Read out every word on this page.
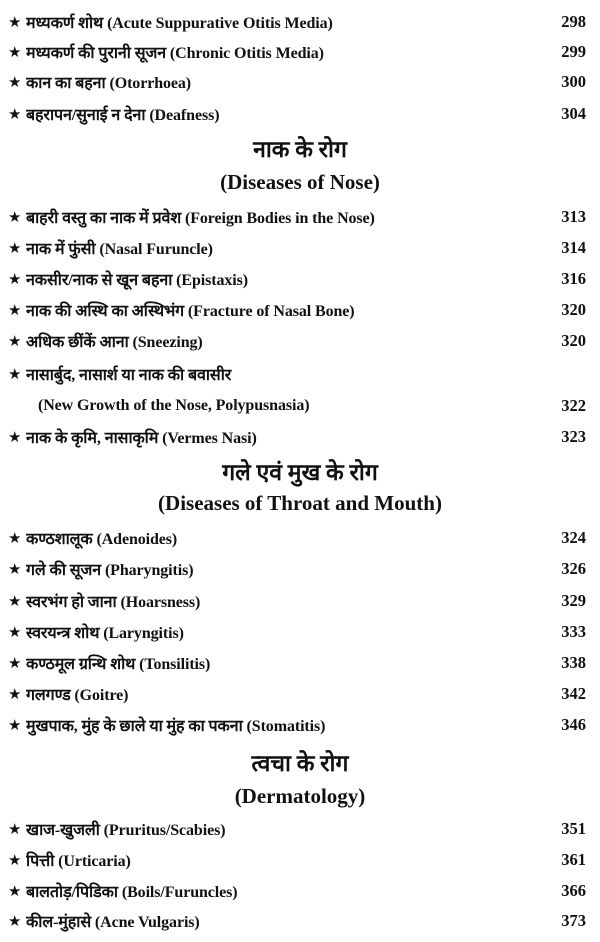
★ मध्यकर्ण शोथ (Acute Suppurative Otitis Media)	298
★ मध्यकर्ण की पुरानी सूजन (Chronic Otitis Media)	299
★ कान का बहना (Otorrhoea)	300
★ बहरापन/सुनाई न देना (Deafness)	304
नाक के रोग
(Diseases of Nose)
★ बाहरी वस्तु का नाक में प्रवेश (Foreign Bodies in the Nose)	313
★ नाक में फुंसी (Nasal Furuncle)	314
★ नकसीर/नाक से खून बहना (Epistaxis)	316
★ नाक की अस्थि का अस्थिभंग (Fracture of Nasal Bone)	320
★ अधिक छींकें आना (Sneezing)	320
★ नासार्बुद, नासार्श या नाक की बवासीर
(New Growth of the Nose, Polypusnasia)	322
★ नाक के कृमि, नासाकृमि (Vermes Nasi)	323
गले एवं मुख के रोग
(Diseases of Throat and Mouth)
★ कण्ठशालूक (Adenoides)	324
★ गले की सूजन (Pharyngitis)	326
★ स्वरभंग हो जाना (Hoarsness)	329
★ स्वरयन्त्र शोथ (Laryngitis)	333
★ कण्ठमूल ग्रन्थि शोथ (Tonsilitis)	338
★ गलगण्ड (Goitre)	342
★ मुखपाक, मुंह के छाले या मुंह का पकना (Stomatitis)	346
त्वचा के रोग
(Dermatology)
★ खाज-खुजली (Pruritus/Scabies)	351
★ पित्ती (Urticaria)	361
★ बालतोड़/पिडिका (Boils/Furuncles)	366
★ कील-मुंहासे (Acne Vulgaris)	373
